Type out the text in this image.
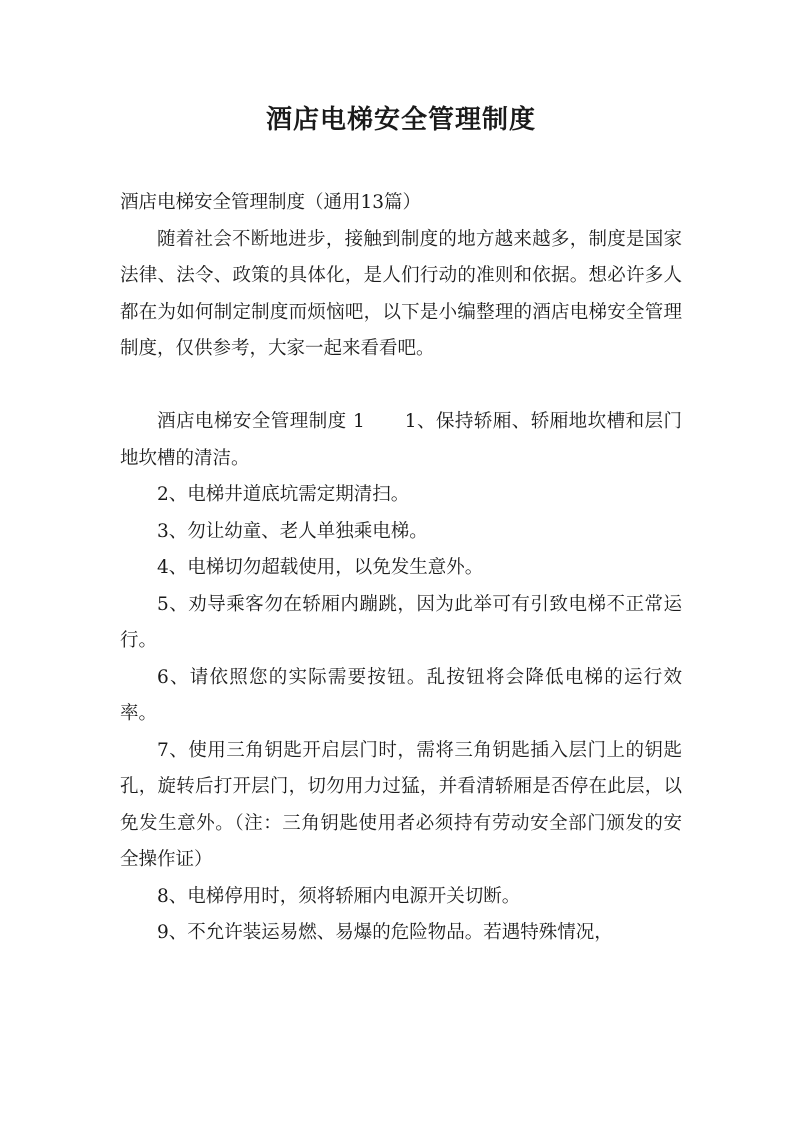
酒店电梯安全管理制度

酒店电梯安全管理制度（通用13篇）

随着社会不断地进步，接触到制度的地方越来越多，制度是国家法律、法令、政策的具体化，是人们行动的准则和依据。想必许多人都在为如何制定制度而烦恼吧，以下是小编整理的酒店电梯安全管理制度，仅供参考，大家一起来看看吧。

酒店电梯安全管理制度 1 1、保持轿厢、轿厢地坎槽和层门地坎槽的清洁。

2、电梯井道底坑需定期清扫。

3、勿让幼童、老人单独乘电梯。

4、电梯切勿超载使用，以免发生意外。

5、劝导乘客勿在轿厢内蹦跳，因为此举可有引致电梯不正常运行。

6、请依照您的实际需要按钮。乱按钮将会降低电梯的运行效率。

7、使用三角钥匙开启层门时，需将三角钥匙插入层门上的钥匙孔，旋转后打开层门，切勿用力过猛，并看清轿厢是否停在此层，以免发生意外。（注：三角钥匙使用者必须持有劳动安全部门颁发的安全操作证）

8、电梯停用时，须将轿厢内电源开关切断。

9、不允许装运易燃、易爆的危险物品。若遇特殊情况，
